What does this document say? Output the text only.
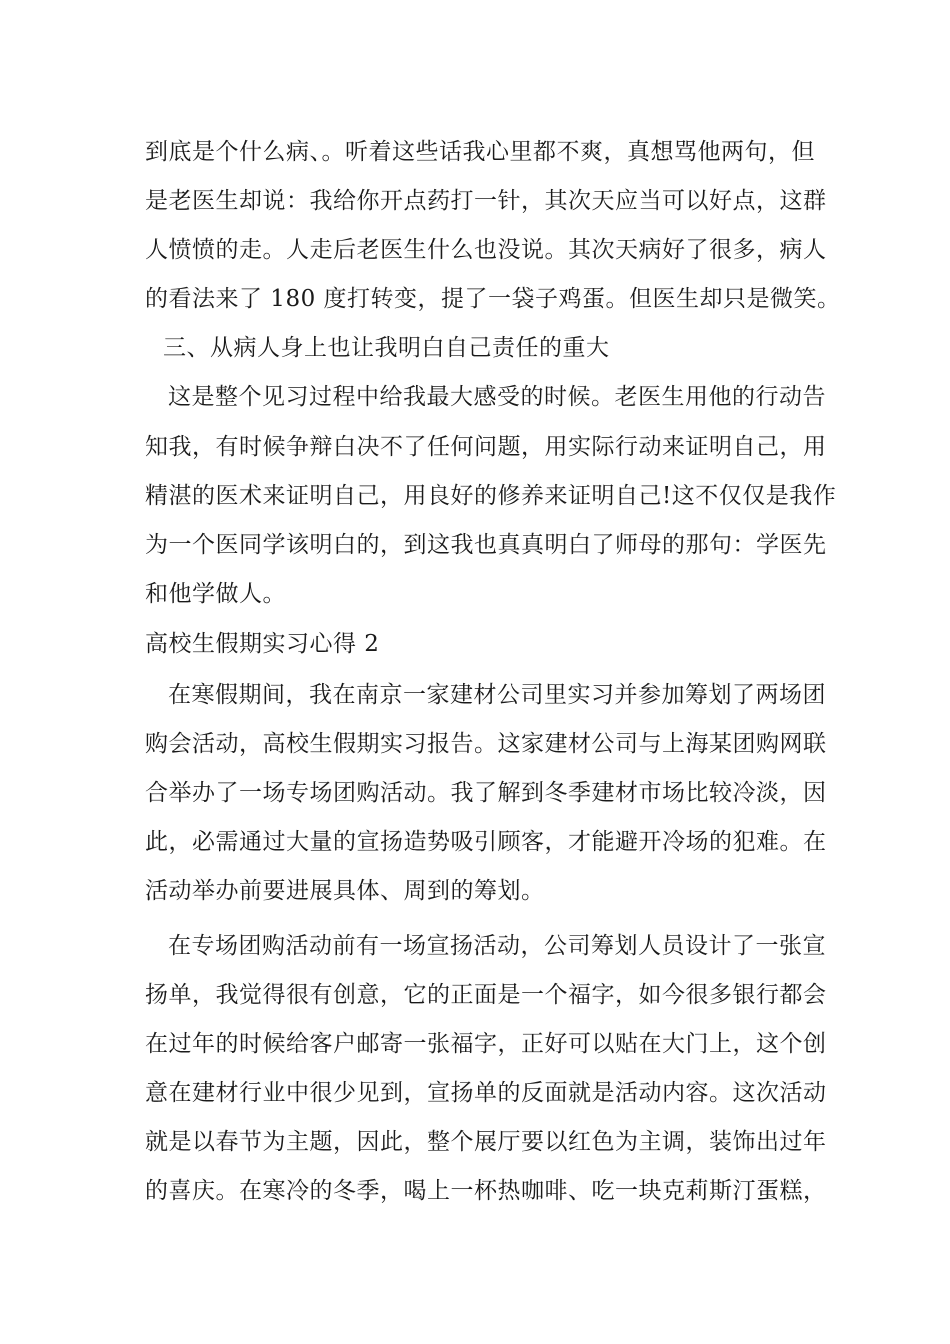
到底是个什么病、。听着这些话我心里都不爽，真想骂他两句，但
是老医生却说：我给你开点药打一针，其次天应当可以好点，这群
人愤愤的走。人走后老医生什么也没说。其次天病好了很多，病人
的看法来了 180 度打转变，提了一袋子鸡蛋。但医生却只是微笑。
三、从病人身上也让我明白自己责任的重大
这是整个见习过程中给我最大感受的时候。老医生用他的行动告
知我，有时候争辩白决不了任何问题，用实际行动来证明自己，用
精湛的医术来证明自己，用良好的修养来证明自己!这不仅仅是我作
为一个医同学该明白的，到这我也真真明白了师母的那句：学医先
和他学做人。
高校生假期实习心得 2
在寒假期间，我在南京一家建材公司里实习并参加筹划了两场团
购会活动，高校生假期实习报告。这家建材公司与上海某团购网联
合举办了一场专场团购活动。我了解到冬季建材市场比较冷淡，因
此，必需通过大量的宣扬造势吸引顾客，才能避开冷场的犯难。在
活动举办前要进展具体、周到的筹划。
在专场团购活动前有一场宣扬活动，公司筹划人员设计了一张宣
扬单，我觉得很有创意，它的正面是一个福字，如今很多银行都会
在过年的时候给客户邮寄一张福字，正好可以贴在大门上，这个创
意在建材行业中很少见到，宣扬单的反面就是活动内容。这次活动
就是以春节为主题，因此，整个展厅要以红色为主调，装饰出过年
的喜庆。在寒冷的冬季，喝上一杯热咖啡、吃一块克莉斯汀蛋糕，
